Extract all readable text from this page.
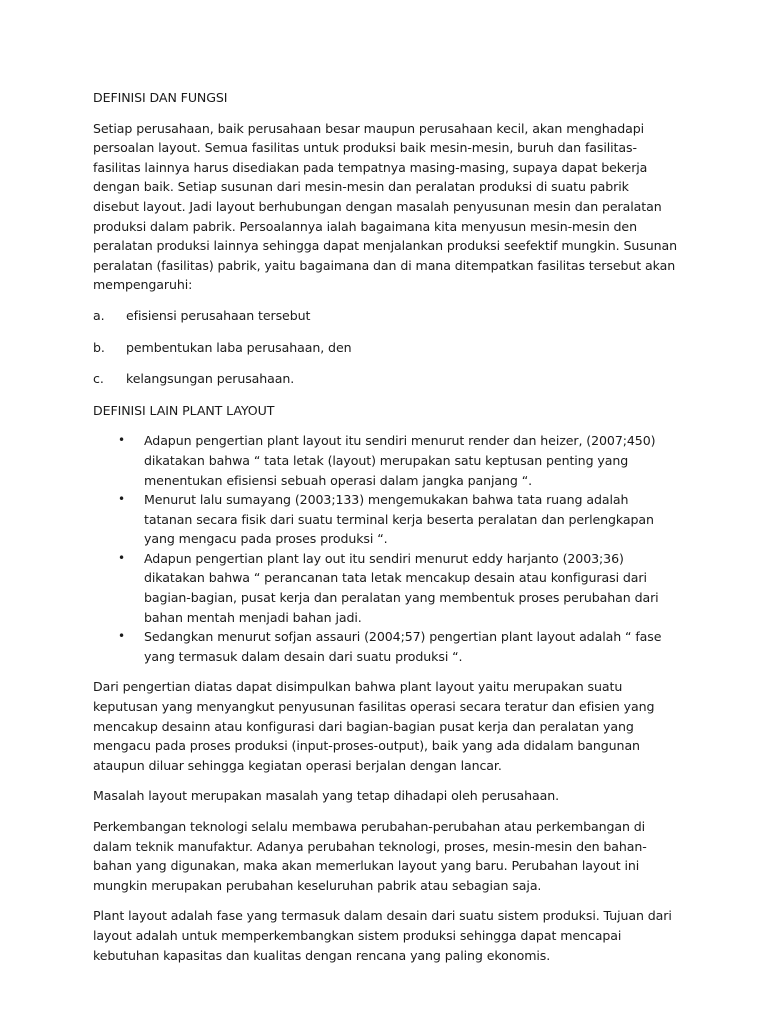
DEFINISI DAN FUNGSI

Setiap perusahaan, baik perusahaan besar maupun perusahaan kecil, akan menghadapi persoalan layout. Semua fasilitas untuk produksi baik mesin-mesin, buruh dan fasilitas-fasilitas lainnya harus disediakan pada tempatnya masing-masing, supaya dapat bekerja dengan baik. Setiap susunan dari mesin-mesin dan peralatan produksi di suatu pabrik disebut layout. Jadi layout berhubungan dengan masalah penyusunan mesin dan peralatan produksi dalam pabrik. Persoalannya ialah bagaimana kita menyusun mesin-mesin den peralatan produksi lainnya sehingga dapat menjalankan produksi seefektif mungkin. Susunan peralatan (fasilitas) pabrik, yaitu bagaimana dan di mana ditempatkan fasilitas tersebut akan mempengaruhi:

a.	efisiensi perusahaan tersebut
b.	pembentukan laba perusahaan, den
c.	kelangsungan perusahaan.
DEFINISI LAIN PLANT LAYOUT
•	Adapun pengertian plant layout itu sendiri menurut render dan heizer, (2007;450) dikatakan bahwa “ tata letak (layout) merupakan satu keptusan penting yang menentukan efisiensi sebuah operasi dalam jangka panjang “.
•	Menurut lalu sumayang (2003;133) mengemukakan bahwa tata ruang adalah tatanan secara fisik dari suatu terminal kerja beserta peralatan dan perlengkapan yang mengacu pada proses produksi “.
•	Adapun pengertian plant lay out itu sendiri menurut eddy harjanto (2003;36) dikatakan bahwa “ perancanan tata letak mencakup desain atau konfigurasi dari bagian-bagian, pusat kerja dan peralatan yang membentuk proses perubahan dari bahan mentah menjadi bahan jadi.
•	Sedangkan menurut sofjan assauri (2004;57) pengertian plant layout adalah “ fase yang termasuk dalam desain dari suatu produksi “.

Dari pengertian diatas dapat disimpulkan bahwa plant layout yaitu merupakan suatu keputusan yang menyangkut penyusunan fasilitas operasi secara teratur dan efisien yang mencakup desainn atau konfigurasi dari bagian-bagian pusat kerja dan peralatan yang mengacu pada proses produksi (input-proses-output), baik yang ada didalam bangunan ataupun diluar sehingga kegiatan operasi berjalan dengan lancar.

Masalah layout merupakan masalah yang tetap dihadapi oleh perusahaan.

Perkembangan teknologi selalu membawa perubahan-perubahan atau perkembangan di dalam teknik manufaktur. Adanya perubahan teknologi, proses, mesin-mesin den bahan-bahan yang digunakan, maka akan memerlukan layout yang baru. Perubahan layout ini mungkin merupakan perubahan keseluruhan pabrik atau sebagian saja.

Plant layout adalah fase yang termasuk dalam desain dari suatu sistem produksi. Tujuan dari layout adalah untuk memperkembangkan sistem produksi sehingga dapat mencapai kebutuhan kapasitas dan kualitas dengan rencana yang paling ekonomis.
